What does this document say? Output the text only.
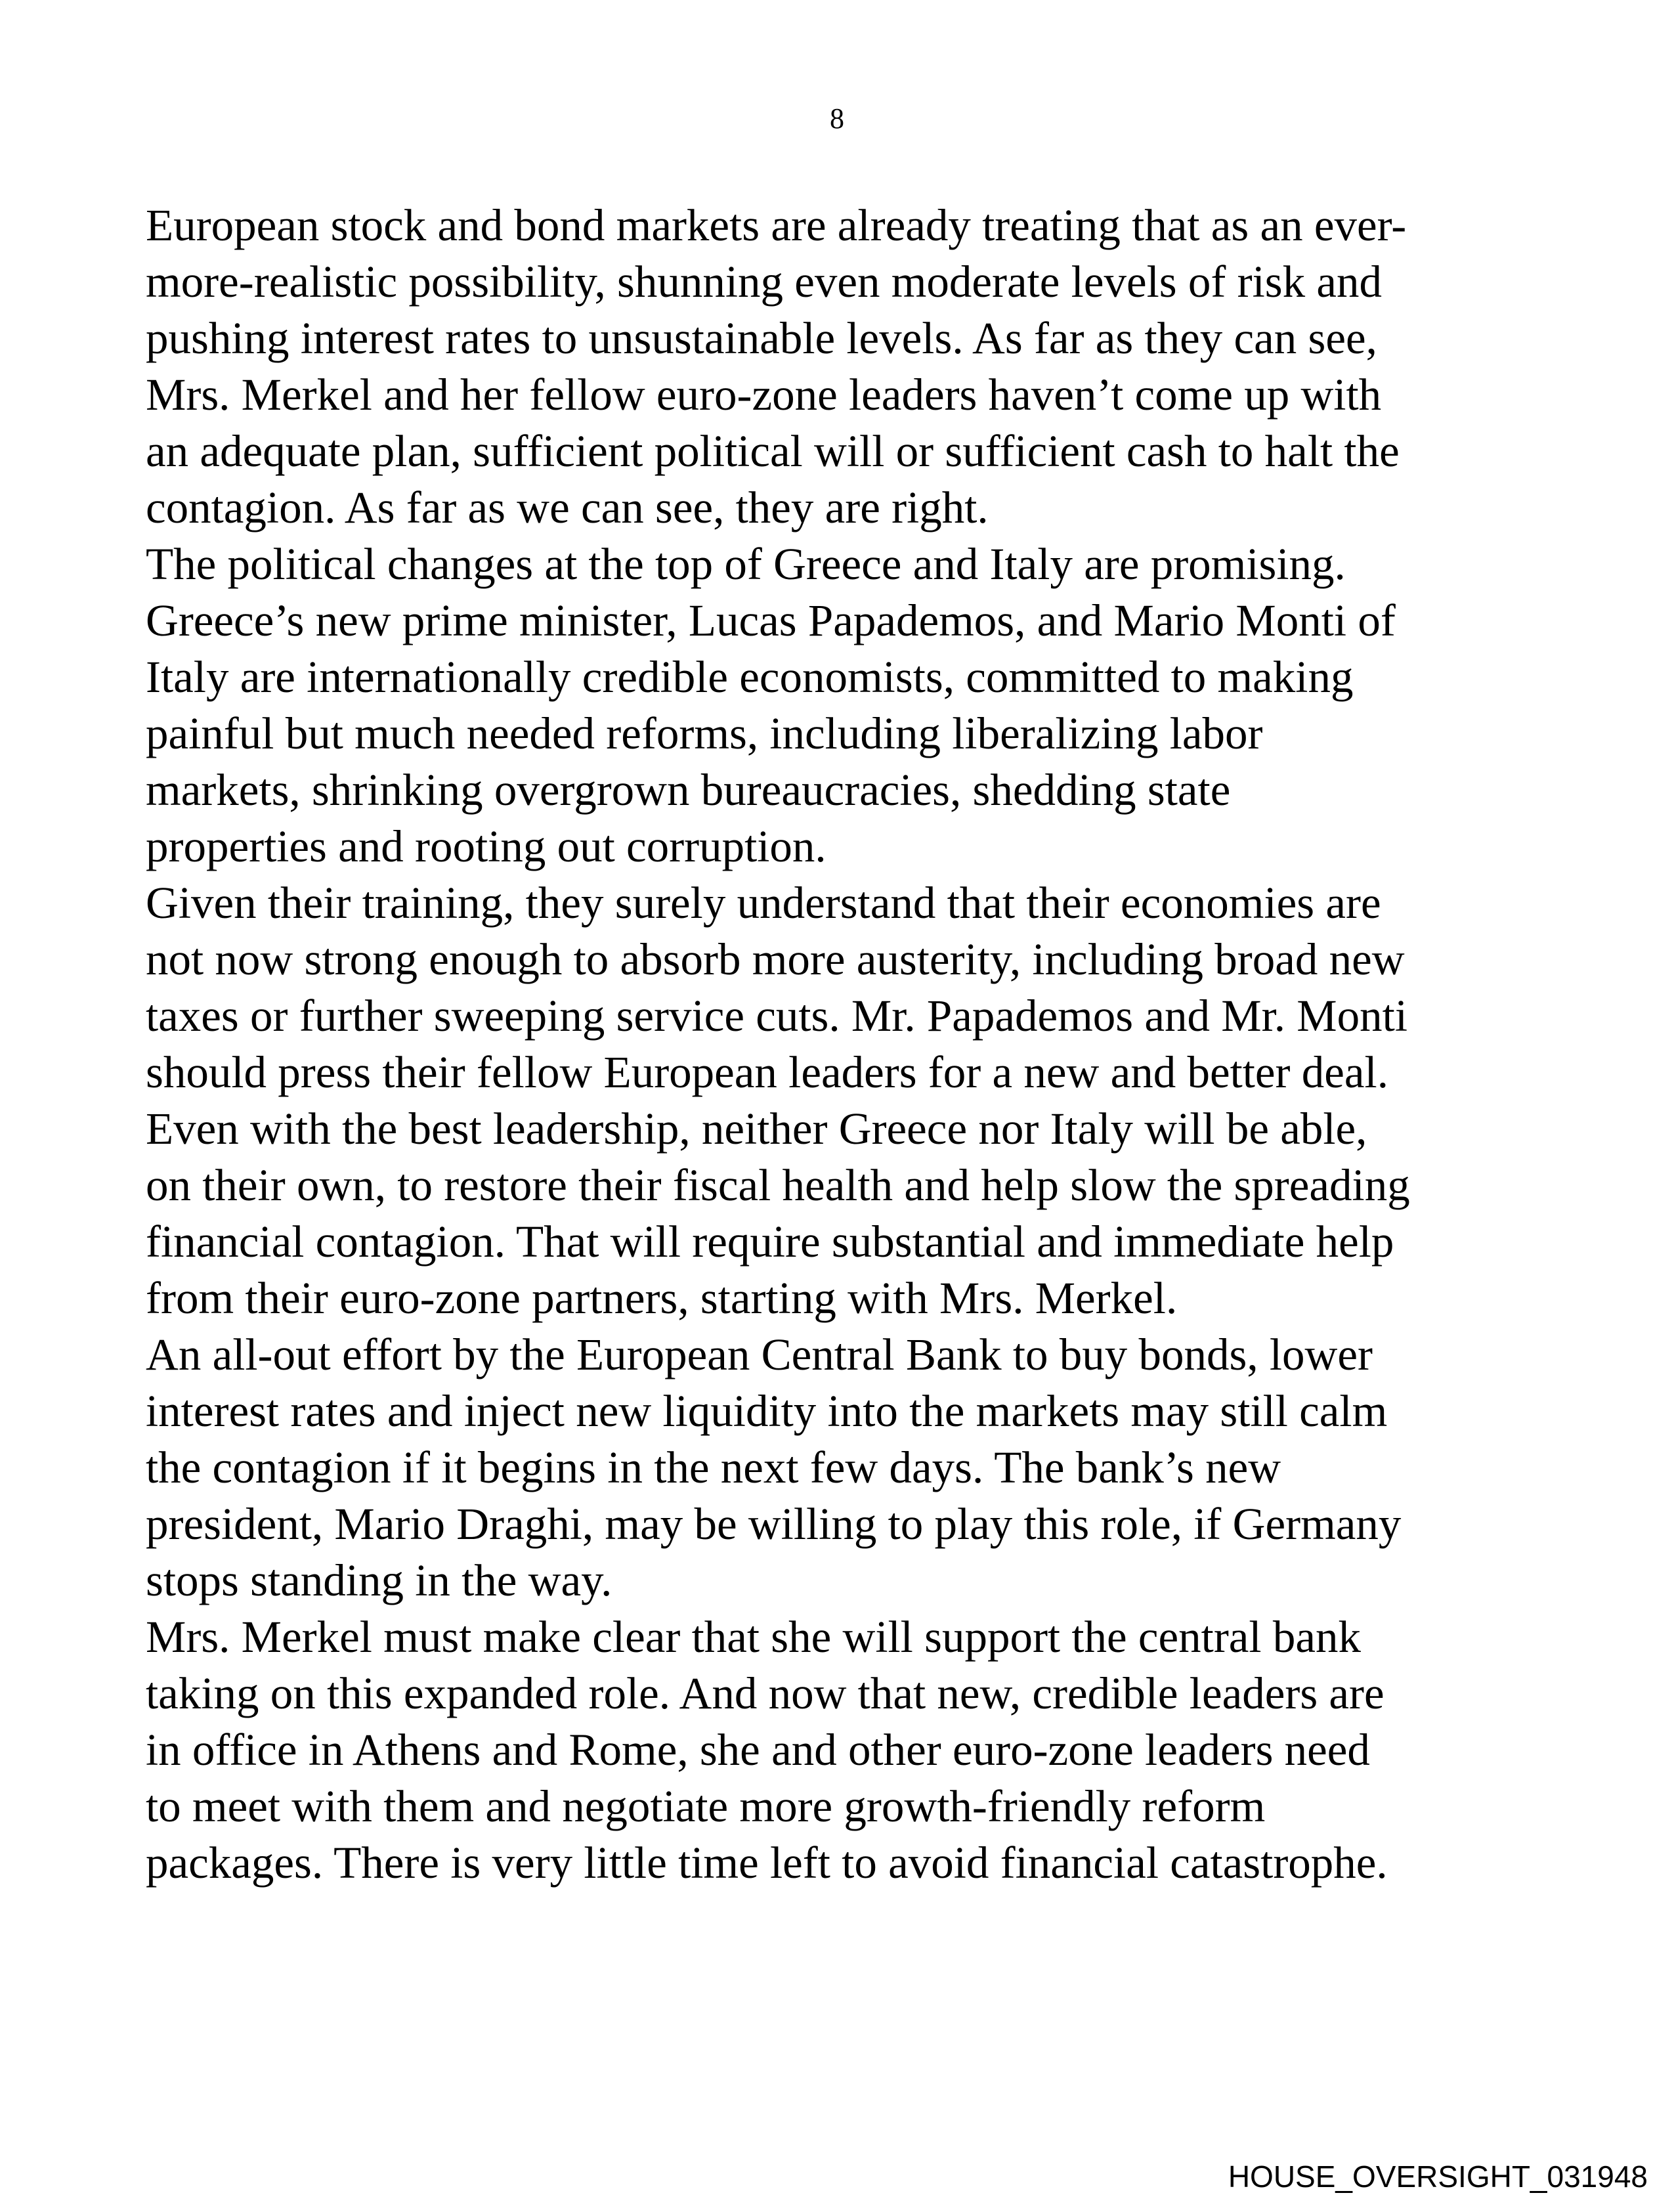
8
European stock and bond markets are already treating that as an ever-
more-realistic possibility, shunning even moderate levels of risk and
pushing interest rates to unsustainable levels. As far as they can see,
Mrs. Merkel and her fellow euro-zone leaders haven’t come up with
an adequate plan, sufficient political will or sufficient cash to halt the
contagion. As far as we can see, they are right.
The political changes at the top of Greece and Italy are promising.
Greece’s new prime minister, Lucas Papademos, and Mario Monti of
Italy are internationally credible economists, committed to making
painful but much needed reforms, including liberalizing labor
markets, shrinking overgrown bureaucracies, shedding state
properties and rooting out corruption.
Given their training, they surely understand that their economies are
not now strong enough to absorb more austerity, including broad new
taxes or further sweeping service cuts. Mr. Papademos and Mr. Monti
should press their fellow European leaders for a new and better deal.
Even with the best leadership, neither Greece nor Italy will be able,
on their own, to restore their fiscal health and help slow the spreading
financial contagion. That will require substantial and immediate help
from their euro-zone partners, starting with Mrs. Merkel.
An all-out effort by the European Central Bank to buy bonds, lower
interest rates and inject new liquidity into the markets may still calm
the contagion if it begins in the next few days. The bank’s new
president, Mario Draghi, may be willing to play this role, if Germany
stops standing in the way.
Mrs. Merkel must make clear that she will support the central bank
taking on this expanded role. And now that new, credible leaders are
in office in Athens and Rome, she and other euro-zone leaders need
to meet with them and negotiate more growth-friendly reform
packages. There is very little time left to avoid financial catastrophe.
HOUSE_OVERSIGHT_031948
